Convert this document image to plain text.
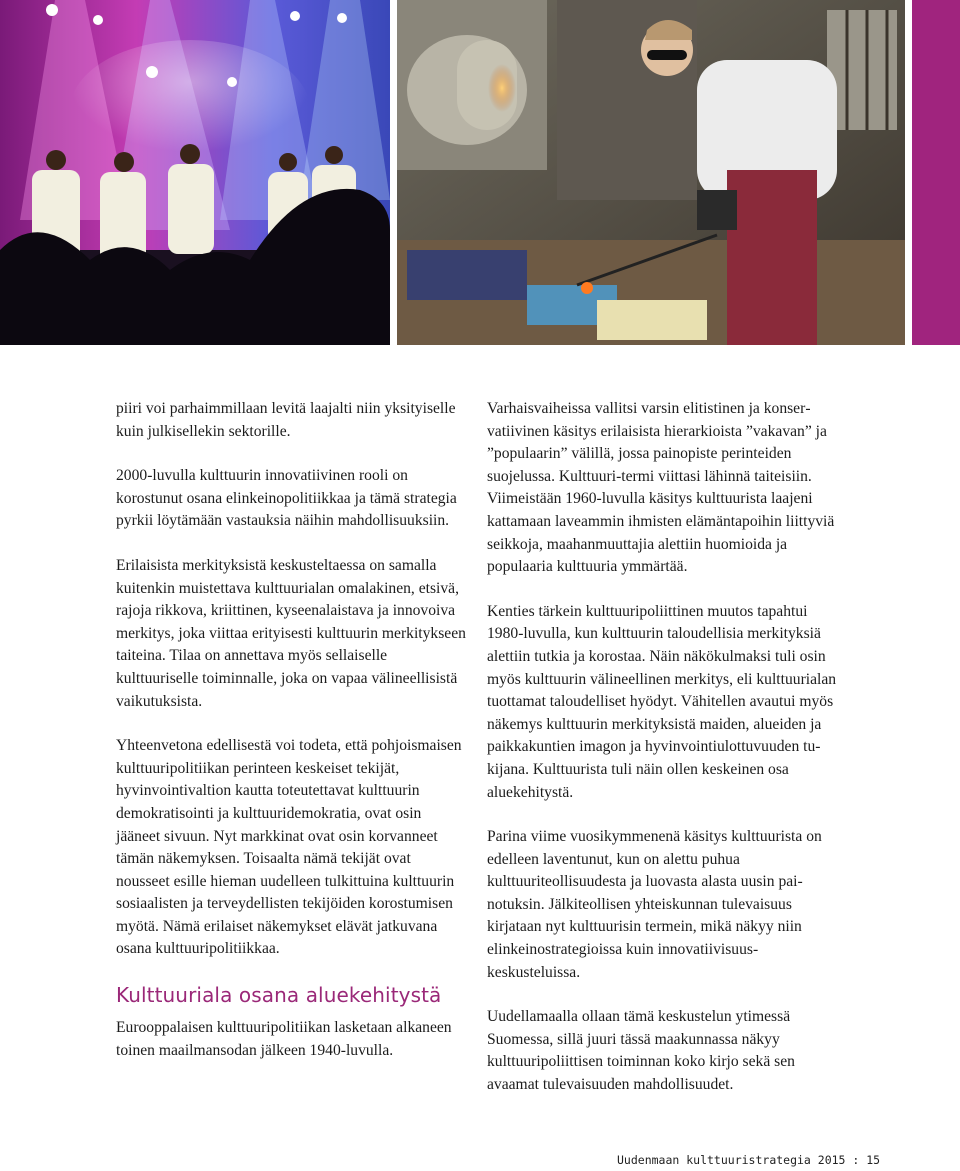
piiri voi parhaimmillaan levitä laajalti niin yksityiselle kuin julkisellekin sektorille.

2000-luvulla kulttuurin innovatiivinen rooli on korostunut osana elinkeinopolitiikkaa ja tämä strategia pyrkii löytämään vastauksia näihin mahdollisuuksiin.

Erilaisista merkityksistä keskusteltaessa on samalla kuitenkin muistettava kulttuurialan omalakinen, etsivä, rajoja rikkova, kriittinen, kyseenalaistava ja innovoiva merkitys, joka viittaa erityisesti kulttuurin merkitykseen taiteina. Tilaa on annettava myös sellaiselle kulttuuriselle toiminnalle, joka on vapaa välineellisistä vaikutuksista.

Yhteenvetona edellisestä voi todeta, että pohjoismaisen kulttuuripolitiikan perinteen keskeiset tekijät, hyvinvointivaltion kautta toteutettavat kulttuurin demokratisointi ja kulttuuridemokratia, ovat osin jääneet sivuun. Nyt markkinat ovat osin korvanneet tämän näkemyksen. Toisaalta nämä tekijät ovat nousseet esille hieman uudelleen tulkittuina kulttuurin sosiaalisten ja terveydellisten tekijöiden korostumisen myötä. Nämä erilaiset näkemykset elävät jatkuvana osana kulttuuripolitiikkaa.

Kulttuuriala osana aluekehitystä

Eurooppalaisen kulttuuripolitiikan lasketaan alkaneen toinen maailmansodan jälkeen 1940-luvulla.

Varhaisvaiheissa vallitsi varsin elitistinen ja konservatiivinen käsitys erilaisista hierarkioista ”vakavan” ja ”populaarin” välillä, jossa painopiste perinteiden suojelussa. Kulttuuri-termi viittasi lähinnä taiteisiin. Viimeistään 1960-luvulla käsitys kulttuurista laajeni kattamaan laveammin ihmisten elämäntapoihin liittyviä seikkoja, maahanmuuttajia alettiin huomioida ja populaaria kulttuuria ymmärtää.

Kenties tärkein kulttuuripoliittinen muutos tapahtui 1980-luvulla, kun kulttuurin taloudellisia merkityksiä alettiin tutkia ja korostaa. Näin näkökulmaksi tuli osin myös kulttuurin välineellinen merkitys, eli kulttuurialan tuottamat taloudelliset hyödyt. Vähitellen avautui myös näkemys kulttuurin merkityksistä maiden, alueiden ja paikkakuntien imagon ja hyvinvointiulottuvuuden tukijana. Kulttuurista tuli näin ollen keskeinen osa aluekehitystä.

Parina viime vuosikymmenenä käsitys kulttuurista on edelleen laventunut, kun on alettu puhua kulttuuriteollisuudesta ja luovasta alasta uusin painotuksin. Jälkiteollisen yhteiskunnan tulevaisuus kirjataan nyt kulttuurisin termein, mikä näkyy niin elinkeinostrategioissa kuin innovatiivisuuskeskusteluissa.

Uudellamaalla ollaan tämä keskustelun ytimessä Suomessa, sillä juuri tässä maakunnassa näkyy kulttuuripoliittisen toiminnan koko kirjo sekä sen avaamat tulevaisuuden mahdollisuudet.

Uudenmaan kulttuuristrategia 2015 : 15
